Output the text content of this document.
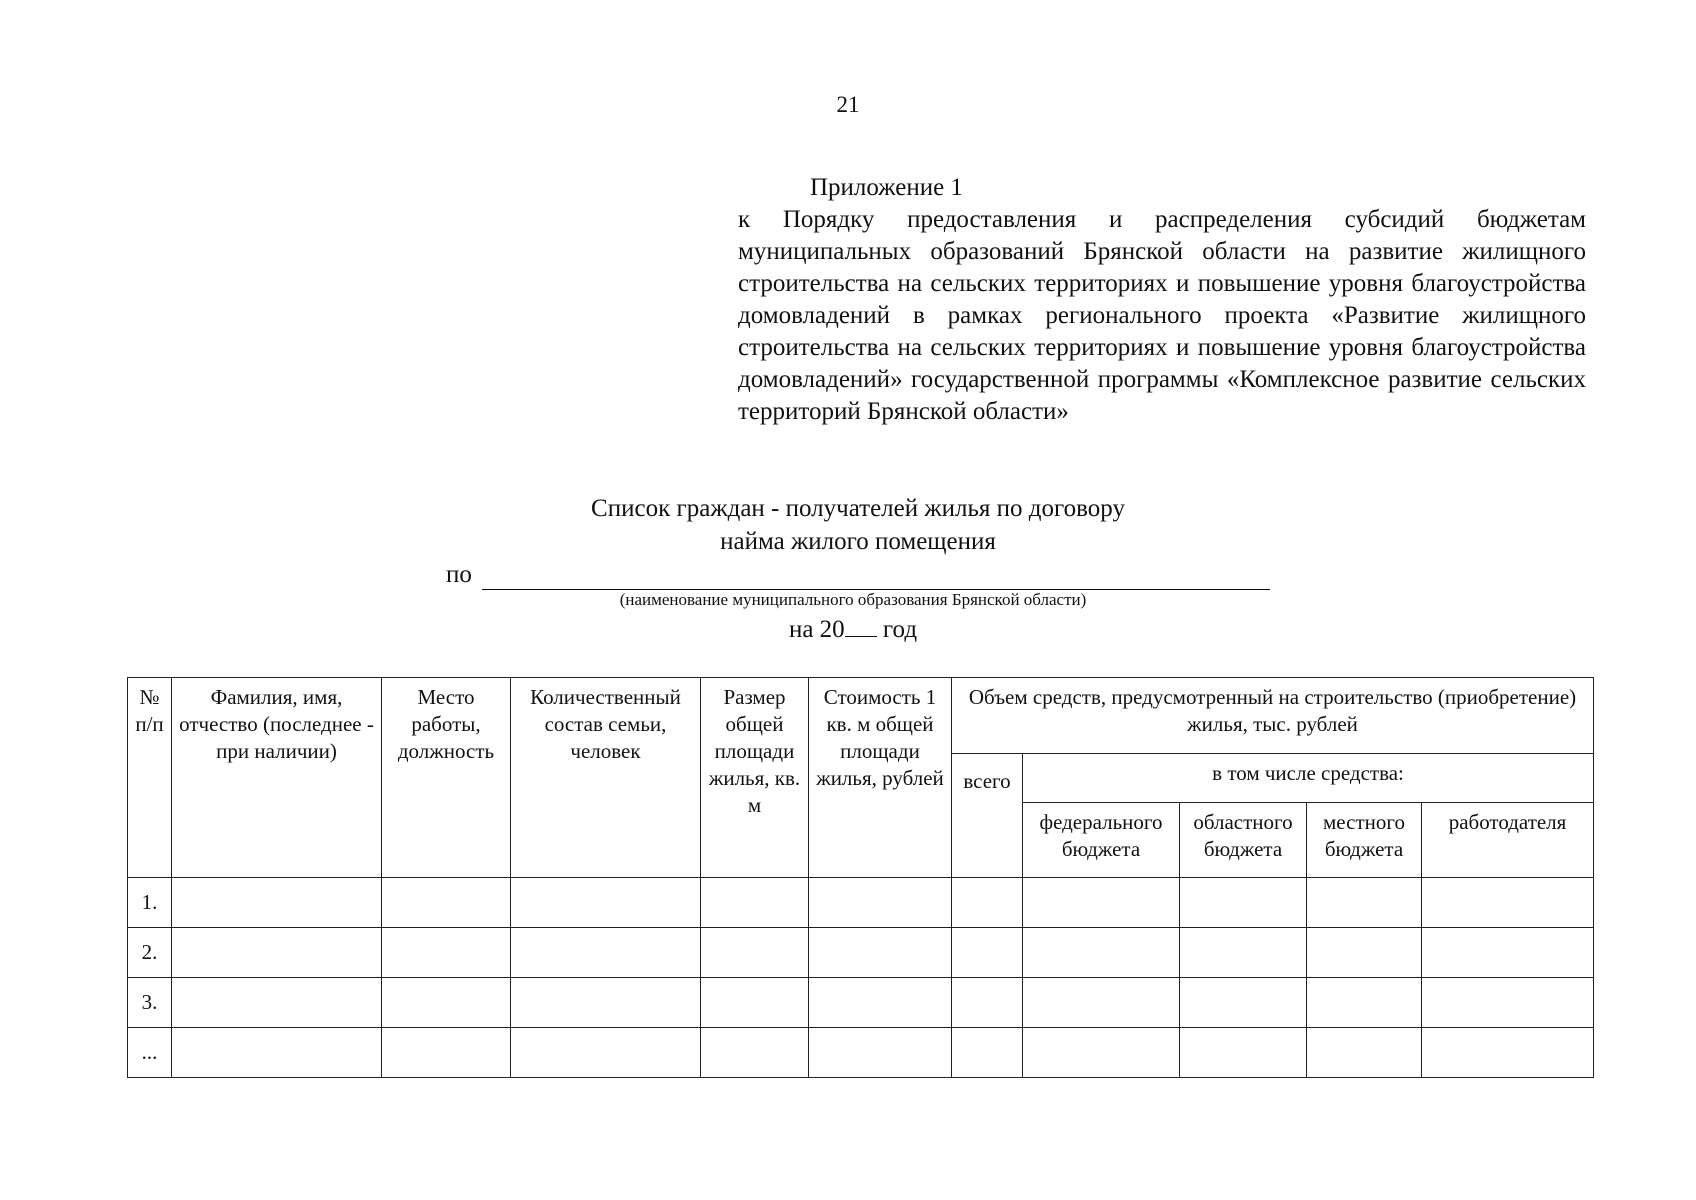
21
Приложение 1
к Порядку предоставления и распределения субсидий бюджетам муниципальных образований Брянской области на развитие жилищного строительства на сельских территориях и повышение уровня благоустройства домовладений в рамках регионального проекта «Развитие жилищного строительства на сельских территориях и повышение уровня благоустройства домовладений» государственной программы «Комплексное развитие сельских территорий Брянской области»
Список граждан - получателей жилья по договору
найма жилого помещения
по
(наименование муниципального образования Брянской области)
на 20 год
№ п/п	Фамилия, имя, отчество (последнее - при наличии)	Место работы, должность	Количественный состав семьи, человек	Размер общей площади жилья, кв. м	Стоимость 1 кв. м общей площади жилья, рублей	Объем средств, предусмотренный на строительство (приобретение) жилья, тыс. рублей				
						всего	в том числе средства:			
							федерального бюджета	областного бюджета	местного бюджета	работодателя
1.										
2.										
3.										
...										
